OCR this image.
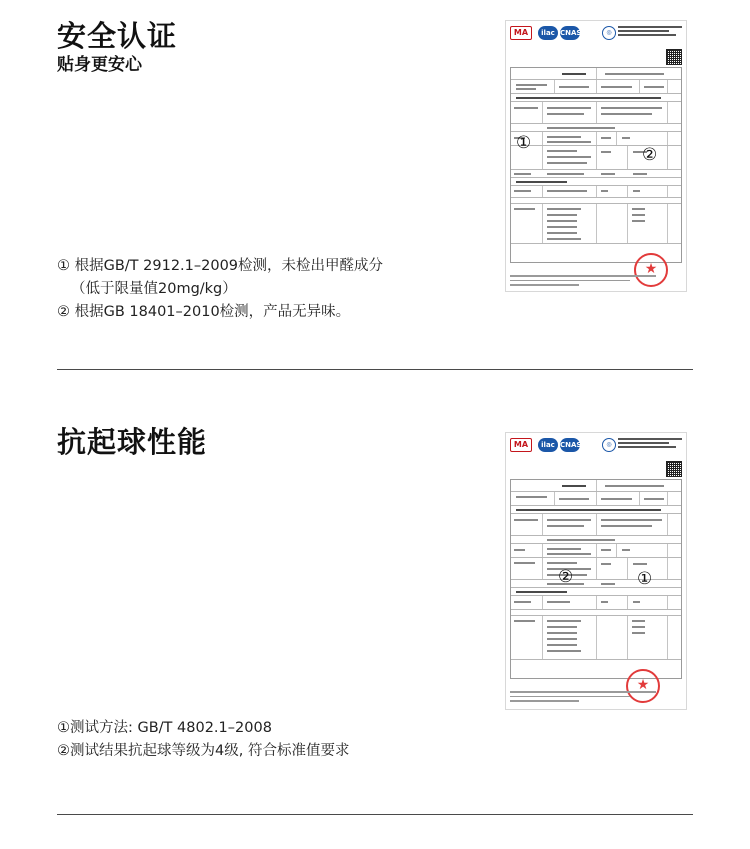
安全认证
贴身更安心
① 根据GB/T 2912.1–2009检测，未检出甲醛成分
（低于限量值20mg/kg）
② 根据GB 18401–2010检测，产品无异味。
MA	ilac CNAS	◎
①
②
★
抗起球性能
①测试方法: GB/T 4802.1–2008
②测试结果抗起球等级为4级, 符合标准值要求
MA	ilac CNAS	◎
②	①
★
